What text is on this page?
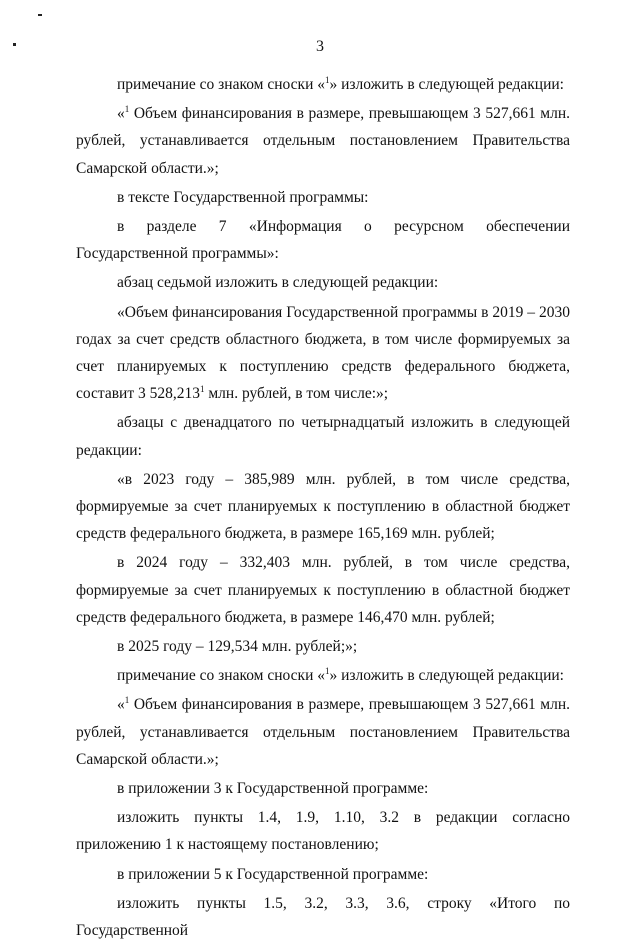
3

примечание со знаком сноски «$^1$» изложить в следующей редакции:

«$^1$ Объем финансирования в размере, превышающем 3 527,661 млн. рублей, устанавливается отдельным постановлением Правительства Самарской области.»;

в тексте Государственной программы:

в разделе 7 «Информация о ресурсном обеспечении Государственной программы»:

абзац седьмой изложить в следующей редакции:

«Объем финансирования Государственной программы в 2019 – 2030 годах за счет средств областного бюджета, в том числе формируемых за счет планируемых к поступлению средств федерального бюджета, составит 3 528,213$^1$ млн. рублей, в том числе:»;

абзацы с двенадцатого по четырнадцатый изложить в следующей редакции:

«в 2023 году – 385,989 млн. рублей, в том числе средства, формируемые за счет планируемых к поступлению в областной бюджет средств федерального бюджета, в размере 165,169 млн. рублей;

в 2024 году – 332,403 млн. рублей, в том числе средства, формируемые за счет планируемых к поступлению в областной бюджет средств федерального бюджета, в размере 146,470 млн. рублей;

в 2025 году – 129,534 млн. рублей;»;

примечание со знаком сноски «$^1$» изложить в следующей редакции:

«$^1$ Объем финансирования в размере, превышающем 3 527,661 млн. рублей, устанавливается отдельным постановлением Правительства Самарской области.»;

в приложении 3 к Государственной программе:

изложить пункты 1.4, 1.9, 1.10, 3.2 в редакции согласно приложению 1 к настоящему постановлению;

в приложении 5 к Государственной программе:

изложить пункты 1.5, 3.2, 3.3, 3.6, строку «Итого по Государственной
